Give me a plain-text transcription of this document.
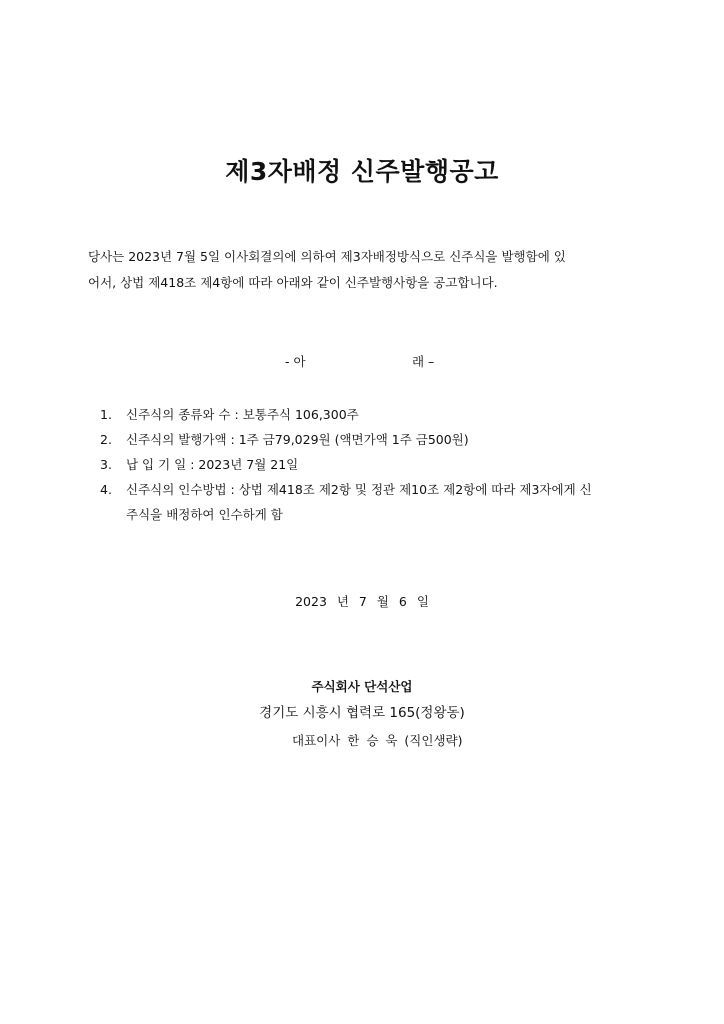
제3자배정 신주발행공고

당사는 2023년 7월 5일 이사회결의에 의하여 제3자배정방식으로 신주식을 발행함에 있

어서, 상법 제418조 제4항에 따라 아래와 같이 신주발행사항을 공고합니다.

- 아	래 –
1. 신주식의 종류와 수 : 보통주식 106,300주
2. 신주식의 발행가액 : 1주 금79,029원 (액면가액 1주 금500원)
3. 납 입 기 일 : 2023년 7월 21일
4. 신주식의 인수방법 : 상법 제418조 제2항 및 정관 제10조 제2항에 따라 제3자에게 신
주식을 배정하여 인수하게 함
2023 년 7 월 6 일
주식회사 단석산업
경기도 시흥시 협력로 165(정왕동)
대표이사 한 승 욱 (직인생략)
